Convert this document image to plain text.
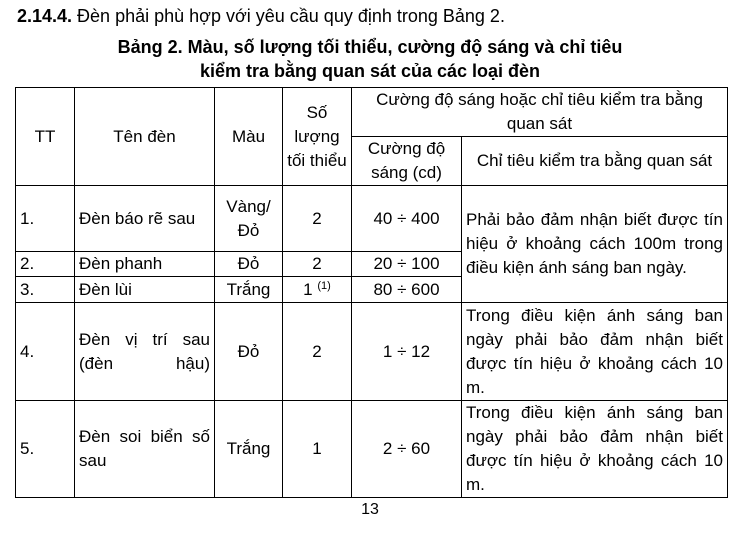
2.14.4. Đèn phải phù hợp với yêu cầu quy định trong Bảng 2.
Bảng 2. Màu, số lượng tối thiểu, cường độ sáng và chỉ tiêu
kiểm tra bằng quan sát của các loại đèn
TT	Tên đèn	Màu	Số lượng tối thiểu	Cường độ sáng hoặc chỉ tiêu kiểm tra bằng quan sát	
				Cường độ sáng (cd)	Chỉ tiêu kiểm tra bằng quan sát
1.	Đèn báo rẽ sau	Vàng/ Đỏ	2	40 ÷ 400	Phải bảo đảm nhận biết được tín hiệu ở khoảng cách 100m trong điều kiện ánh sáng ban ngày.
2.	Đèn phanh	Đỏ	2	20 ÷ 100	
3.	Đèn lùi	Trắng	1 $^{(1)}$	80 ÷ 600	
4.	Đèn vị trí sau (đèn hậu)	Đỏ	2	1 ÷ 12	Trong điều kiện ánh sáng ban ngày phải bảo đảm nhận biết được tín hiệu ở khoảng cách 10 m.
5.	Đèn soi biển số sau	Trắng	1	2 ÷ 60	Trong điều kiện ánh sáng ban ngày phải bảo đảm nhận biết được tín hiệu ở khoảng cách 10 m.
13
